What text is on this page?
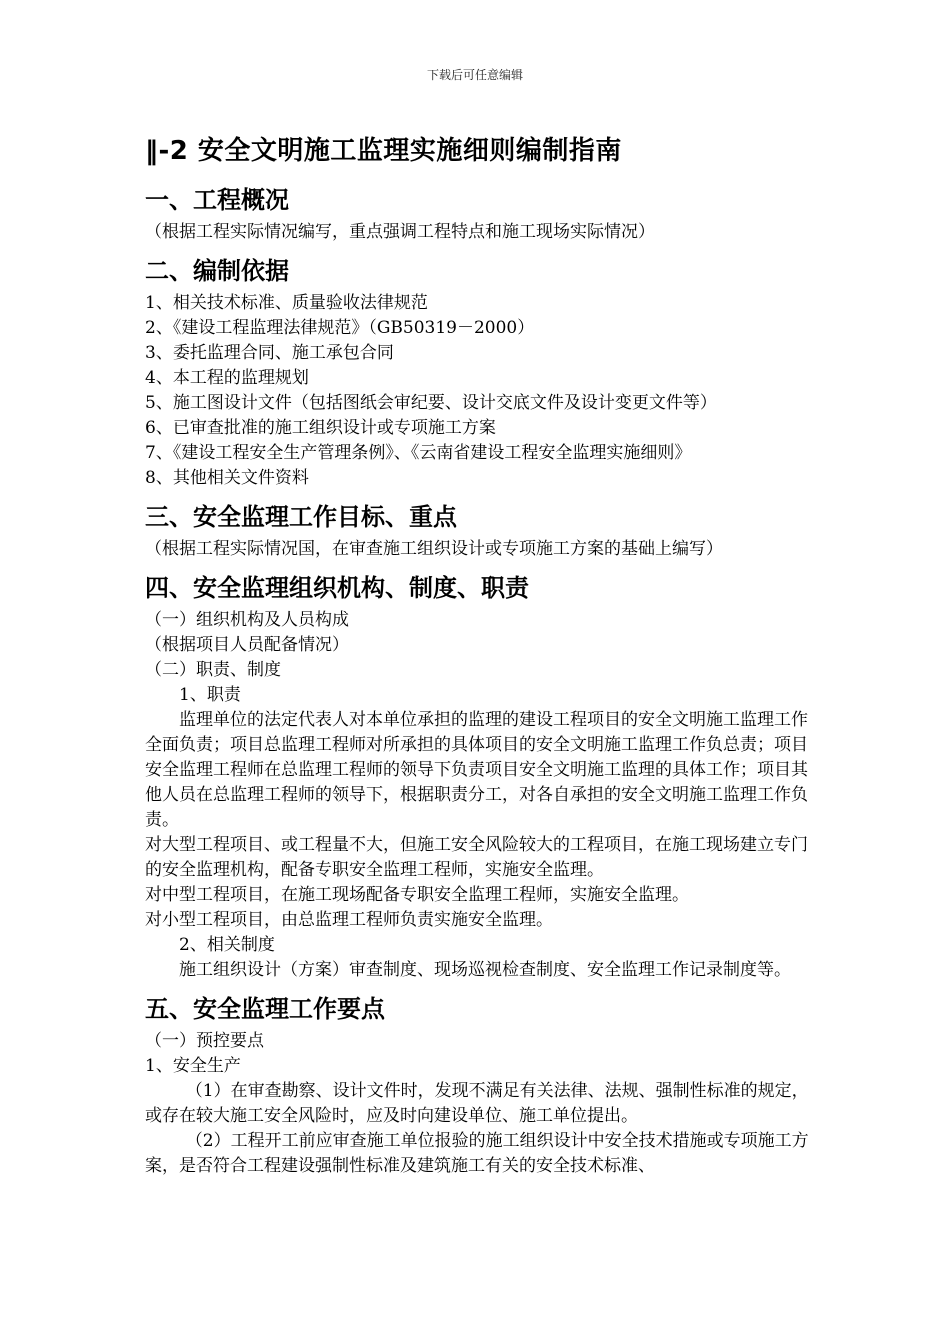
下载后可任意编辑
‖-2 安全文明施工监理实施细则编制指南
一、工程概况

（根据工程实际情况编写，重点强调工程特点和施工现场实际情况）

二、编制依据

1、相关技术标准、质量验收法律规范

2、《建设工程监理法律规范》（GB50319－2000）

3、委托监理合同、施工承包合同

4、本工程的监理规划

5、施工图设计文件（包括图纸会审纪要、设计交底文件及设计变更文件等）

6、已审查批准的施工组织设计或专项施工方案

7、《建设工程安全生产管理条例》、《云南省建设工程安全监理实施细则》

8、其他相关文件资料

三、安全监理工作目标、重点

（根据工程实际情况国，在审查施工组织设计或专项施工方案的基础上编写）

四、安全监理组织机构、制度、职责

（一）组织机构及人员构成

（根据项目人员配备情况）

（二）职责、制度

1、职责

监理单位的法定代表人对本单位承担的监理的建设工程项目的安全文明施工监理工作全面负责；项目总监理工程师对所承担的具体项目的安全文明施工监理工作负总责；项目安全监理工程师在总监理工程师的领导下负责项目安全文明施工监理的具体工作；项目其他人员在总监理工程师的领导下，根据职责分工，对各自承担的安全文明施工监理工作负责。

对大型工程项目、或工程量不大，但施工安全风险较大的工程项目，在施工现场建立专门的安全监理机构，配备专职安全监理工程师，实施安全监理。

对中型工程项目，在施工现场配备专职安全监理工程师，实施安全监理。

对小型工程项目，由总监理工程师负责实施安全监理。

2、相关制度

施工组织设计（方案）审查制度、现场巡视检查制度、安全监理工作记录制度等。

五、安全监理工作要点

（一）预控要点

1、安全生产

（1）在审查勘察、设计文件时，发现不满足有关法律、法规、强制性标准的规定，或存在较大施工安全风险时，应及时向建设单位、施工单位提出。

（2）工程开工前应审查施工单位报验的施工组织设计中安全技术措施或专项施工方案，是否符合工程建设强制性标准及建筑施工有关的安全技术标准、
